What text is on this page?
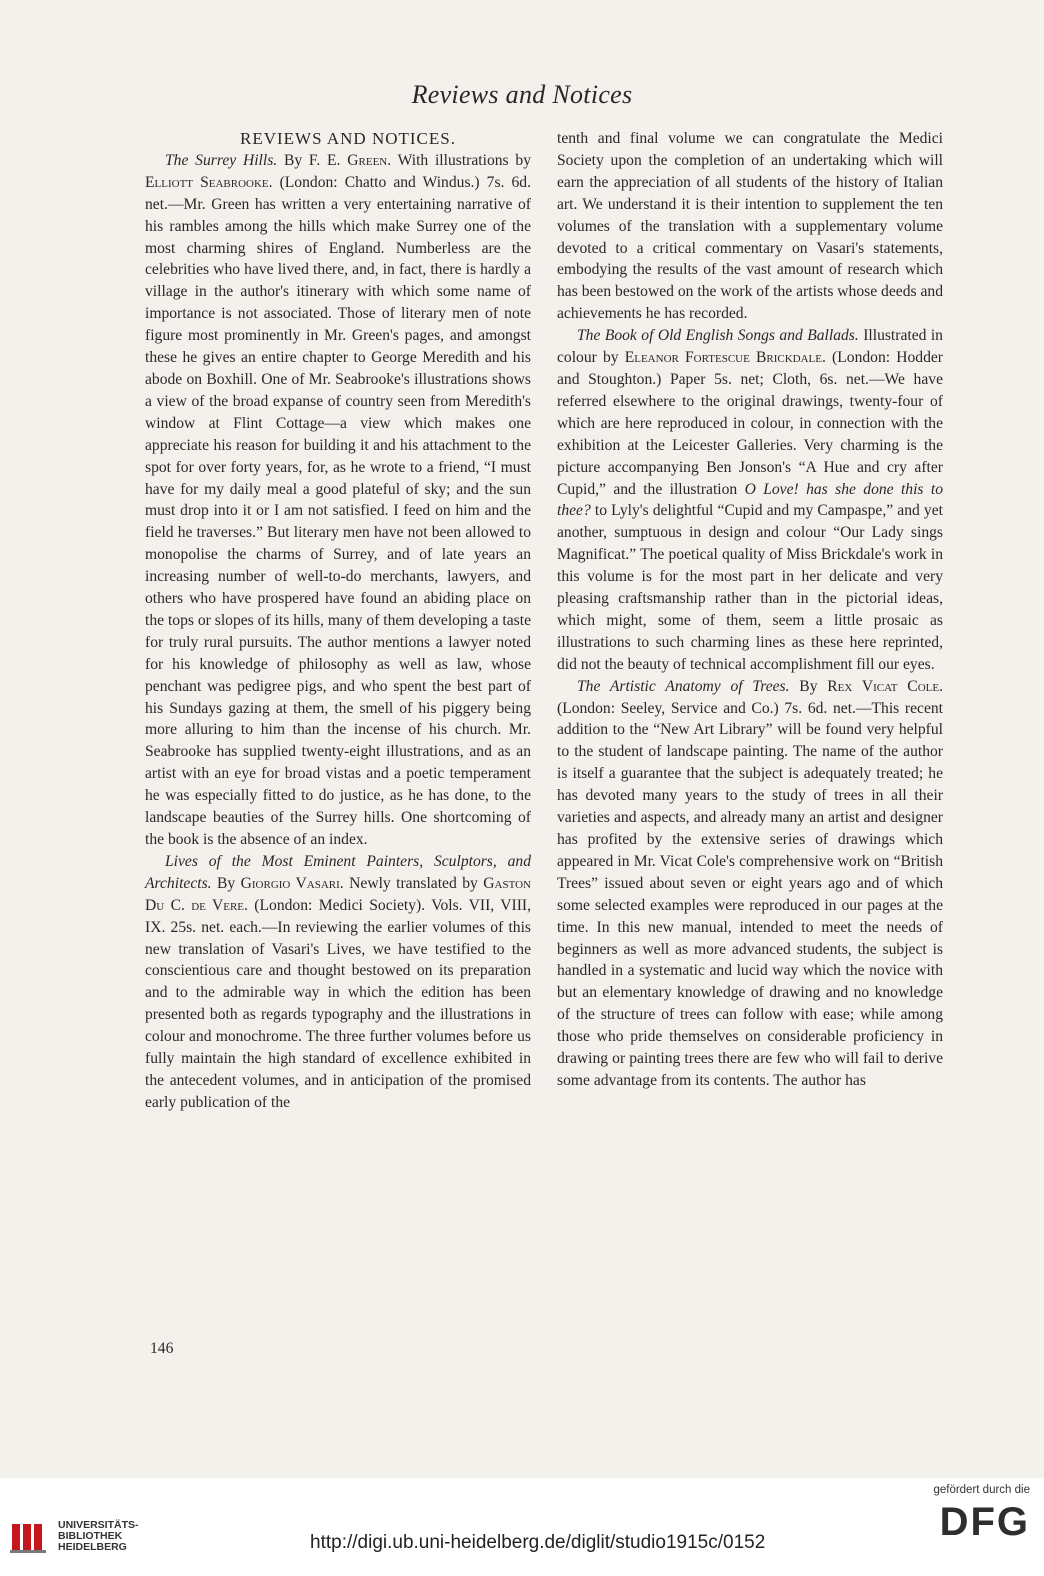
Reviews and Notices

REVIEWS AND NOTICES.

The Surrey Hills. By F. E. Green. With illustrations by Elliott Seabrooke. (London: Chatto and Windus.) 7s. 6d. net.—Mr. Green has written a very entertaining narrative of his rambles among the hills which make Surrey one of the most charming shires of England. Numberless are the celebrities who have lived there, and, in fact, there is hardly a village in the author's itinerary with which some name of importance is not associated. Those of literary men of note figure most prominently in Mr. Green's pages, and amongst these he gives an entire chapter to George Meredith and his abode on Boxhill. One of Mr. Seabrooke's illustrations shows a view of the broad expanse of country seen from Meredith's window at Flint Cottage—a view which makes one appreciate his reason for building it and his attachment to the spot for over forty years, for, as he wrote to a friend, “I must have for my daily meal a good plateful of sky; and the sun must drop into it or I am not satisfied. I feed on him and the field he traverses.” But literary men have not been allowed to monopolise the charms of Surrey, and of late years an increasing number of well-to-do merchants, lawyers, and others who have prospered have found an abiding place on the tops or slopes of its hills, many of them developing a taste for truly rural pursuits. The author mentions a lawyer noted for his knowledge of philosophy as well as law, whose penchant was pedigree pigs, and who spent the best part of his Sundays gazing at them, the smell of his piggery being more alluring to him than the incense of his church. Mr. Seabrooke has supplied twenty-eight illustrations, and as an artist with an eye for broad vistas and a poetic temperament he was especially fitted to do justice, as he has done, to the landscape beauties of the Surrey hills. One shortcoming of the book is the absence of an index.

Lives of the Most Eminent Painters, Sculptors, and Architects. By Giorgio Vasari. Newly translated by Gaston Du C. de Vere. (London: Medici Society). Vols. VII, VIII, IX. 25s. net. each.—In reviewing the earlier volumes of this new translation of Vasari's Lives, we have testified to the conscientious care and thought bestowed on its preparation and to the admirable way in which the edition has been presented both as regards typography and the illustrations in colour and monochrome. The three further volumes before us fully maintain the high standard of excellence exhibited in the antecedent volumes, and in anticipation of the promised early publication of the

tenth and final volume we can congratulate the Medici Society upon the completion of an undertaking which will earn the appreciation of all students of the history of Italian art. We understand it is their intention to supplement the ten volumes of the translation with a supplementary volume devoted to a critical commentary on Vasari's statements, embodying the results of the vast amount of research which has been bestowed on the work of the artists whose deeds and achievements he has recorded.

The Book of Old English Songs and Ballads. Illustrated in colour by Eleanor Fortescue Brickdale. (London: Hodder and Stoughton.) Paper 5s. net; Cloth, 6s. net.—We have referred elsewhere to the original drawings, twenty-four of which are here reproduced in colour, in connection with the exhibition at the Leicester Galleries. Very charming is the picture accompanying Ben Jonson's “A Hue and cry after Cupid,” and the illustration O Love! has she done this to thee? to Lyly's delightful “Cupid and my Campaspe,” and yet another, sumptuous in design and colour “Our Lady sings Magnificat.” The poetical quality of Miss Brickdale's work in this volume is for the most part in her delicate and very pleasing craftsmanship rather than in the pictorial ideas, which might, some of them, seem a little prosaic as illustrations to such charming lines as these here reprinted, did not the beauty of technical accomplishment fill our eyes.

The Artistic Anatomy of Trees. By Rex Vicat Cole. (London: Seeley, Service and Co.) 7s. 6d. net.—This recent addition to the “New Art Library” will be found very helpful to the student of landscape painting. The name of the author is itself a guarantee that the subject is adequately treated; he has devoted many years to the study of trees in all their varieties and aspects, and already many an artist and designer has profited by the extensive series of drawings which appeared in Mr. Vicat Cole's comprehensive work on “British Trees” issued about seven or eight years ago and of which some selected examples were reproduced in our pages at the time. In this new manual, intended to meet the needs of beginners as well as more advanced students, the subject is handled in a systematic and lucid way which the novice with but an elementary knowledge of drawing and no knowledge of the structure of trees can follow with ease; while among those who pride themselves on considerable proficiency in drawing or painting trees there are few who will fail to derive some advantage from its contents. The author has

146
UNIVERSITÄTS-
BIBLIOTHEK
HEIDELBERG	http://digi.ub.uni-heidelberg.de/diglit/studio1915c/0152
gefördert durch die
DFG
